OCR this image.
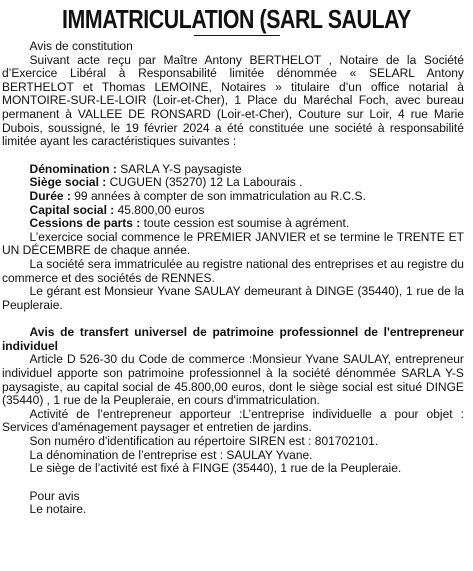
IMMATRICULATION (SARL SAULAY

Avis de constitution

Suivant acte reçu par Maître Antony BERTHELOT , Notaire de la Société d’Exercice Libéral à Responsabilité limitée dénommée « SELARL Antony BERTHELOT et Thomas LEMOINE, Notaires » titulaire d’un office notarial à MONTOIRE-SUR-LE-LOIR (Loir-et-Cher), 1 Place du Maréchal Foch, avec bureau permanent à VALLEE DE RONSARD (Loir-et-Cher), Couture sur Loir, 4 rue Marie Dubois, soussigné, le 19 février 2024 a été constituée une société à responsabilité limitée ayant les caractéristiques suivantes :

Dénomination : SARLA Y-S paysagiste

Siège social : CUGUEN (35270) 12 La Labourais .

Durée : 99 années à compter de son immatriculation au R.C.S.

Capital social : 45.800,00 euros

Cessions de parts : toute cession est soumise à agrément.

L’exercice social commence le PREMIER JANVIER et se termine le TRENTE ET UN DÉCEMBRE de chaque année.

La société sera immatriculée au registre national des entreprises et au registre du commerce et des sociétés de RENNES.

Le gérant est Monsieur Yvane SAULAY demeurant à DINGE (35440), 1 rue de la Peupleraie.

Avis de transfert universel de patrimoine professionnel de l'entrepreneur individuel

Article D 526-30 du Code de commerce :Monsieur Yvane SAULAY, entrepreneur individuel apporte son patrimoine professionnel à la société dénommée SARLA Y-S paysagiste, au capital social de 45.800,00 euros, dont le siège social est situé DINGE (35440) , 1 rue de la Peupleraie, en cours d'immatriculation.

Activité de l’entrepreneur apporteur :L’entreprise individuelle a pour objet : Services d'aménagement paysager et entretien de jardins.

Son numéro d'identification au répertoire SIREN est : 801702101.

La dénomination de l’entreprise est : SAULAY Yvane.

Le siège de l’activité est fixé à FINGE (35440), 1 rue de la Peupleraie.

Pour avis

Le notaire.
